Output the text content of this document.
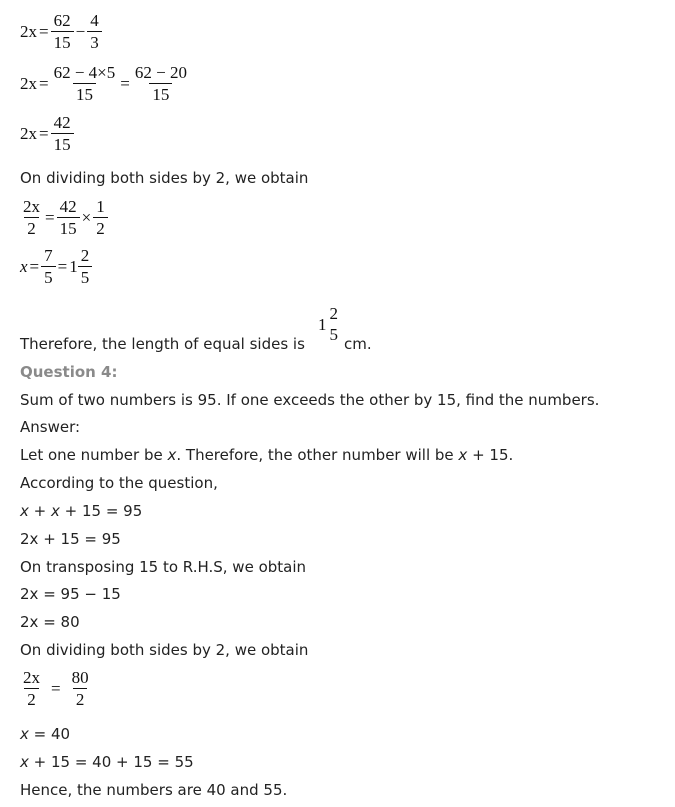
$2x = \frac{62}{15} - \frac{4}{3}$
$2x = \frac{62 - 4\times 5}{15} = \frac{62 - 20}{15}$
$2x = \frac{42}{15}$
On dividing both sides by 2, we obtain
$\frac{2x}{2} = \frac{42}{15} \times \frac{1}{2}$
$x = \frac{7}{5} = 1 \frac{2}{5}$
Therefore, the length of equal sides is
1
2
5 cm.
Question 4:
Sum of two numbers is 95. If one exceeds the other by 15, find the numbers.
Answer:
Let one number be x. Therefore, the other number will be x + 15.
According to the question,
x + x + 15 = 95
2x + 15 = 95
On transposing 15 to R.H.S, we obtain
2x = 95 − 15
2x = 80
On dividing both sides by 2, we obtain
$\frac{2x}{2} = \frac{80}{2}$
x = 40
x + 15 = 40 + 15 = 55
Hence, the numbers are 40 and 55.
